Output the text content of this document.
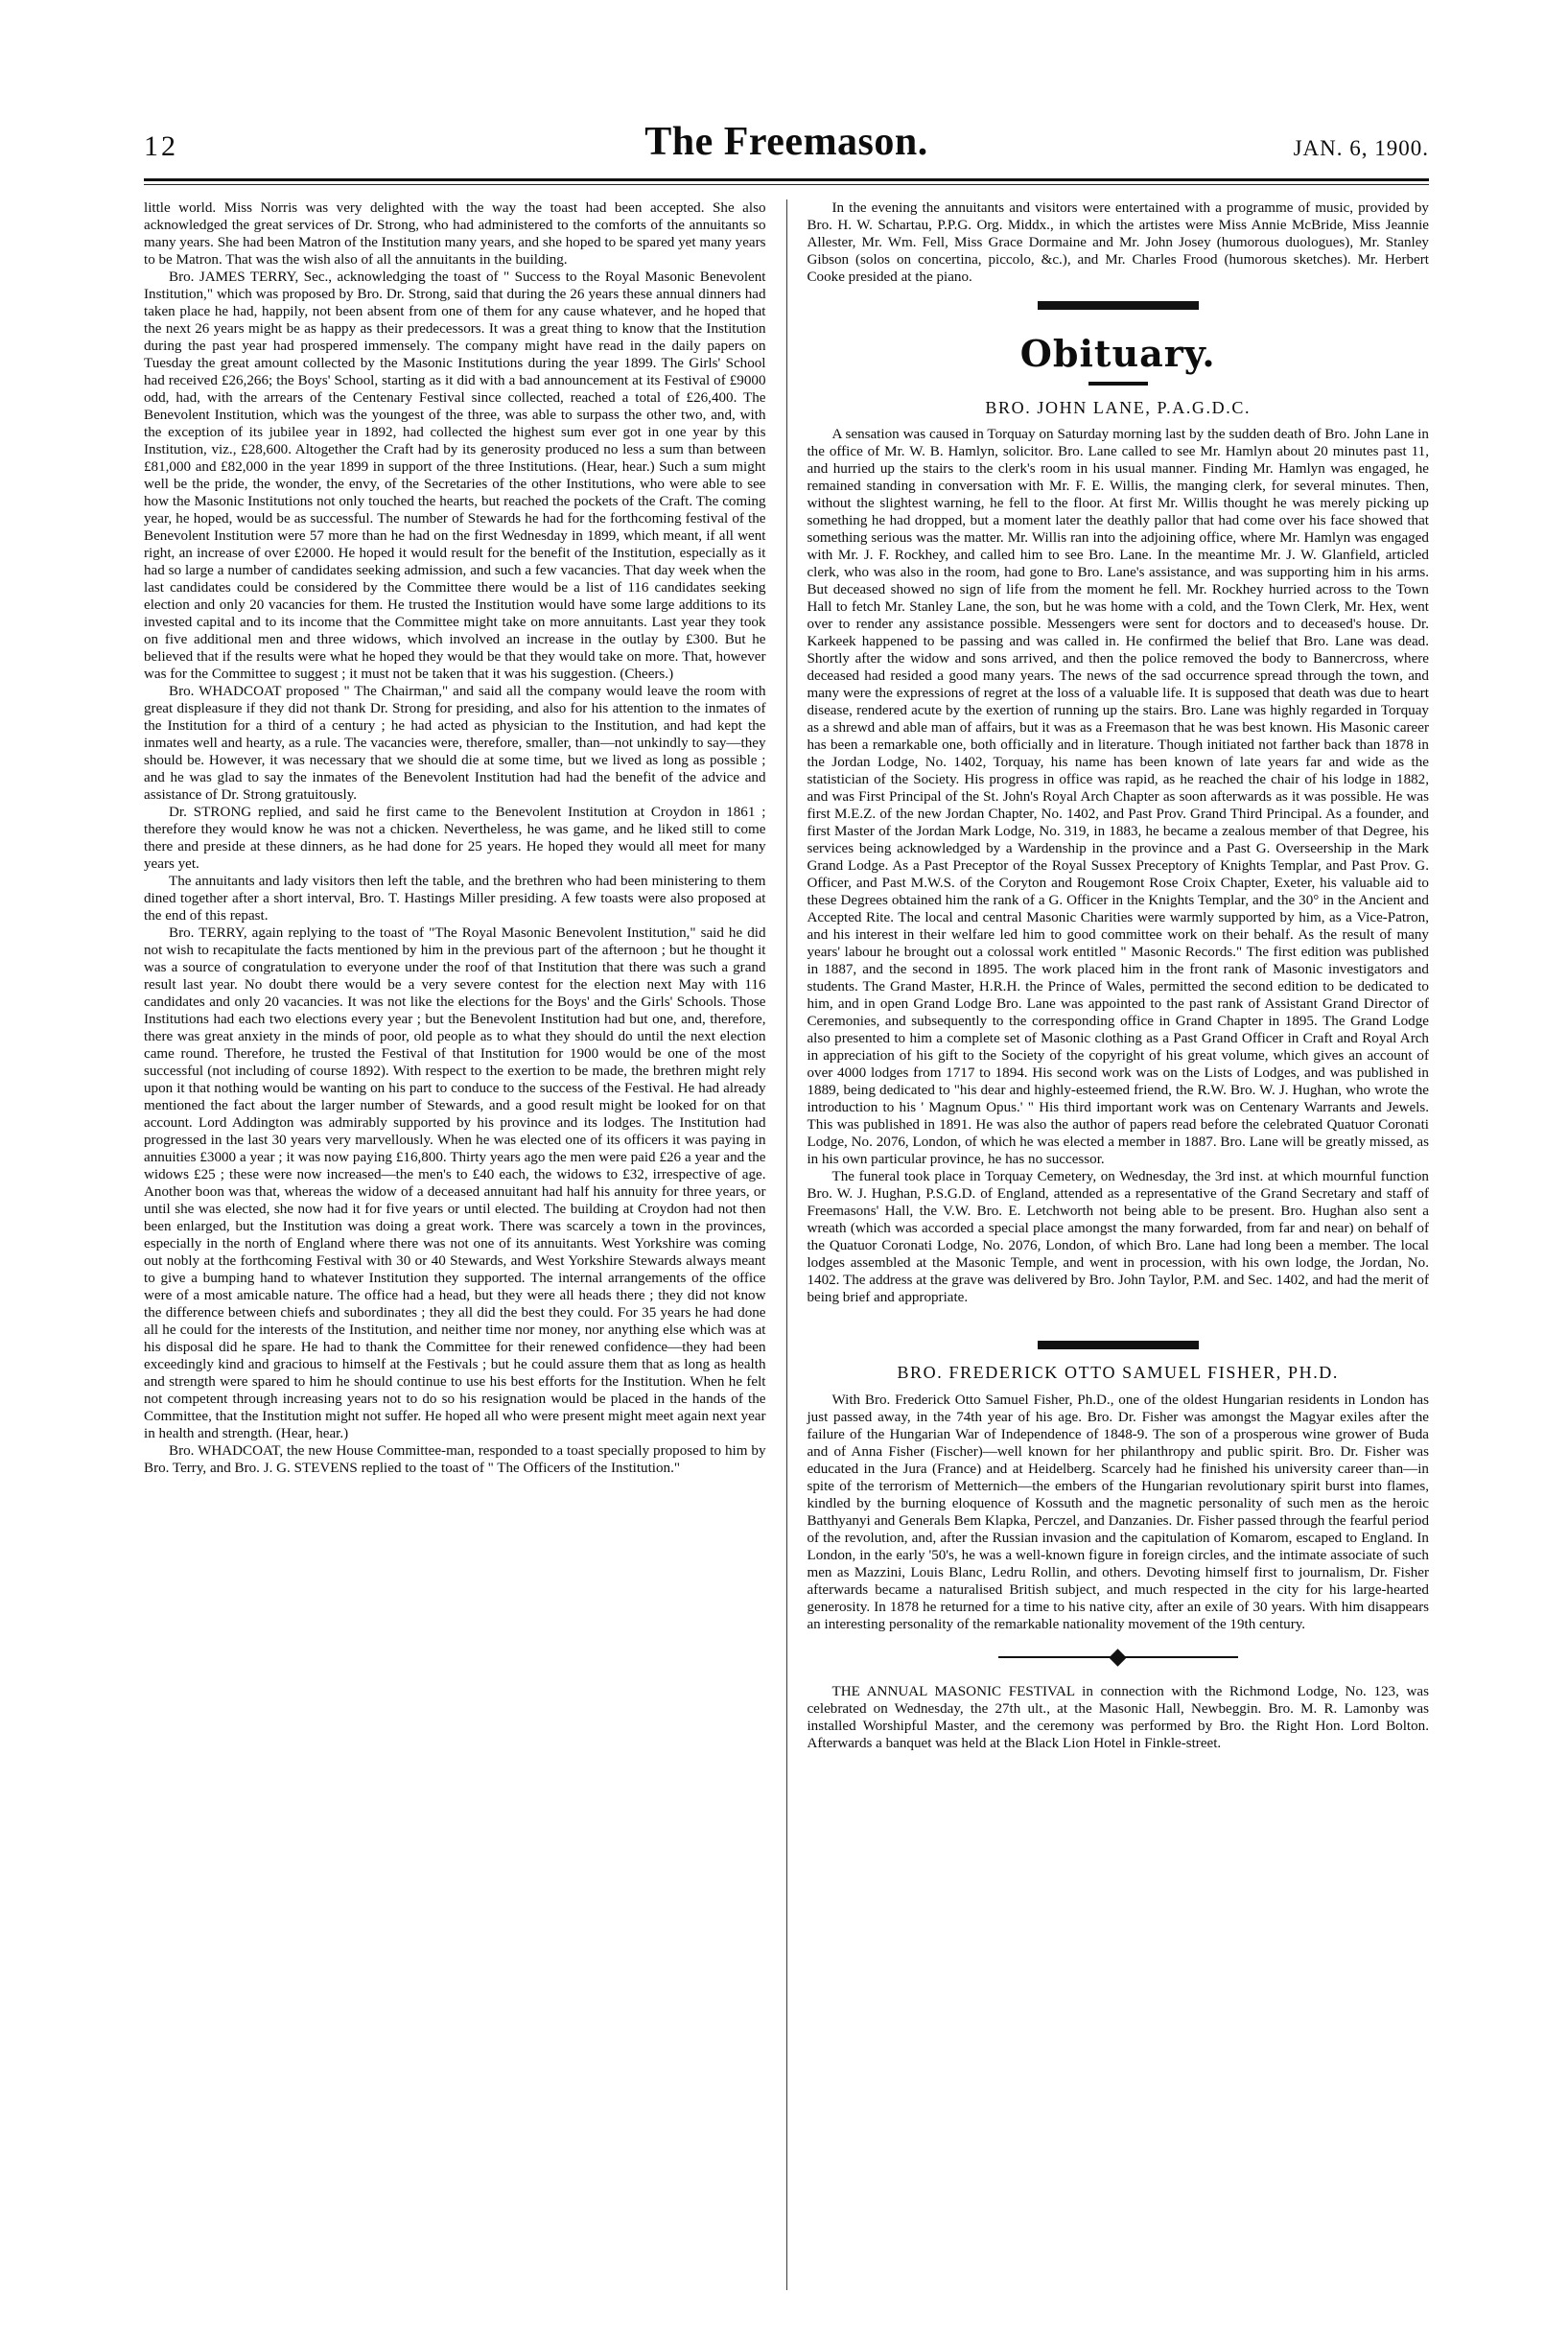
12	The Freemason.	JAN. 6, 1900.

little world. Miss Norris was very delighted with the way the toast had been accepted. She also acknowledged the great services of Dr. Strong, who had administered to the comforts of the annuitants so many years. She had been Matron of the Institution many years, and she hoped to be spared yet many years to be Matron. That was the wish also of all the annuitants in the building.

Bro. JAMES TERRY, Sec., acknowledging the toast of " Success to the Royal Masonic Benevolent Institution," which was proposed by Bro. Dr. Strong, said that during the 26 years these annual dinners had taken place he had, happily, not been absent from one of them for any cause whatever, and he hoped that the next 26 years might be as happy as their predecessors. It was a great thing to know that the Institution during the past year had prospered immensely. The company might have read in the daily papers on Tuesday the great amount collected by the Masonic Institutions during the year 1899. The Girls' School had received £26,266; the Boys' School, starting as it did with a bad announcement at its Festival of £9000 odd, had, with the arrears of the Centenary Festival since collected, reached a total of £26,400. The Benevolent Institution, which was the youngest of the three, was able to surpass the other two, and, with the exception of its jubilee year in 1892, had collected the highest sum ever got in one year by this Institution, viz., £28,600. Altogether the Craft had by its generosity produced no less a sum than between £81,000 and £82,000 in the year 1899 in support of the three Institutions. (Hear, hear.) Such a sum might well be the pride, the wonder, the envy, of the Secretaries of the other Institutions, who were able to see how the Masonic Institutions not only touched the hearts, but reached the pockets of the Craft. The coming year, he hoped, would be as successful. The number of Stewards he had for the forthcoming festival of the Benevolent Institution were 57 more than he had on the first Wednesday in 1899, which meant, if all went right, an increase of over £2000. He hoped it would result for the benefit of the Institution, especially as it had so large a number of candidates seeking admission, and such a few vacancies. That day week when the last candidates could be considered by the Committee there would be a list of 116 candidates seeking election and only 20 vacancies for them. He trusted the Institution would have some large additions to its invested capital and to its income that the Committee might take on more annuitants. Last year they took on five additional men and three widows, which involved an increase in the outlay by £300. But he believed that if the results were what he hoped they would be that they would take on more. That, however was for the Committee to suggest ; it must not be taken that it was his suggestion. (Cheers.)

Bro. WHADCOAT proposed " The Chairman," and said all the company would leave the room with great displeasure if they did not thank Dr. Strong for presiding, and also for his attention to the inmates of the Institution for a third of a century ; he had acted as physician to the Institution, and had kept the inmates well and hearty, as a rule. The vacancies were, therefore, smaller, than—not unkindly to say—they should be. However, it was necessary that we should die at some time, but we lived as long as possible ; and he was glad to say the inmates of the Benevolent Institution had had the benefit of the advice and assistance of Dr. Strong gratuitously.

Dr. STRONG replied, and said he first came to the Benevolent Institution at Croydon in 1861 ; therefore they would know he was not a chicken. Nevertheless, he was game, and he liked still to come there and preside at these dinners, as he had done for 25 years. He hoped they would all meet for many years yet.

The annuitants and lady visitors then left the table, and the brethren who had been ministering to them dined together after a short interval, Bro. T. Hastings Miller presiding. A few toasts were also proposed at the end of this repast.

Bro. TERRY, again replying to the toast of "The Royal Masonic Benevolent Institution," said he did not wish to recapitulate the facts mentioned by him in the previous part of the afternoon ; but he thought it was a source of congratulation to everyone under the roof of that Institution that there was such a grand result last year. No doubt there would be a very severe contest for the election next May with 116 candidates and only 20 vacancies. It was not like the elections for the Boys' and the Girls' Schools. Those Institutions had each two elections every year ; but the Benevolent Institution had but one, and, therefore, there was great anxiety in the minds of poor, old people as to what they should do until the next election came round. Therefore, he trusted the Festival of that Institution for 1900 would be one of the most successful (not including of course 1892). With respect to the exertion to be made, the brethren might rely upon it that nothing would be wanting on his part to conduce to the success of the Festival. He had already mentioned the fact about the larger number of Stewards, and a good result might be looked for on that account. Lord Addington was admirably supported by his province and its lodges. The Institution had progressed in the last 30 years very marvellously. When he was elected one of its officers it was paying in annuities £3000 a year ; it was now paying £16,800. Thirty years ago the men were paid £26 a year and the widows £25 ; these were now increased—the men's to £40 each, the widows to £32, irrespective of age. Another boon was that, whereas the widow of a deceased annuitant had half his annuity for three years, or until she was elected, she now had it for five years or until elected. The building at Croydon had not then been enlarged, but the Institution was doing a great work. There was scarcely a town in the provinces, especially in the north of England where there was not one of its annuitants. West Yorkshire was coming out nobly at the forthcoming Festival with 30 or 40 Stewards, and West Yorkshire Stewards always meant to give a bumping hand to whatever Institution they supported. The internal arrangements of the office were of a most amicable nature. The office had a head, but they were all heads there ; they did not know the difference between chiefs and subordinates ; they all did the best they could. For 35 years he had done all he could for the interests of the Institution, and neither time nor money, nor anything else which was at his disposal did he spare. He had to thank the Committee for their renewed confidence—they had been exceedingly kind and gracious to himself at the Festivals ; but he could assure them that as long as health and strength were spared to him he should continue to use his best efforts for the Institution. When he felt not competent through increasing years not to do so his resignation would be placed in the hands of the Committee, that the Institution might not suffer. He hoped all who were present might meet again next year in health and strength. (Hear, hear.)

Bro. WHADCOAT, the new House Committee-man, responded to a toast specially proposed to him by Bro. Terry, and Bro. J. G. STEVENS replied to the toast of " The Officers of the Institution."

In the evening the annuitants and visitors were entertained with a programme of music, provided by Bro. H. W. Schartau, P.P.G. Org. Middx., in which the artistes were Miss Annie McBride, Miss Jeannie Allester, Mr. Wm. Fell, Miss Grace Dormaine and Mr. John Josey (humorous duologues), Mr. Stanley Gibson (solos on concertina, piccolo, &c.), and Mr. Charles Frood (humorous sketches). Mr. Herbert Cooke presided at the piano.

Obituary.
BRO. JOHN LANE, P.A.G.D.C.

A sensation was caused in Torquay on Saturday morning last by the sudden death of Bro. John Lane in the office of Mr. W. B. Hamlyn, solicitor. Bro. Lane called to see Mr. Hamlyn about 20 minutes past 11, and hurried up the stairs to the clerk's room in his usual manner. Finding Mr. Hamlyn was engaged, he remained standing in conversation with Mr. F. E. Willis, the manging clerk, for several minutes. Then, without the slightest warning, he fell to the floor. At first Mr. Willis thought he was merely picking up something he had dropped, but a moment later the deathly pallor that had come over his face showed that something serious was the matter. Mr. Willis ran into the adjoining office, where Mr. Hamlyn was engaged with Mr. J. F. Rockhey, and called him to see Bro. Lane. In the meantime Mr. J. W. Glanfield, articled clerk, who was also in the room, had gone to Bro. Lane's assistance, and was supporting him in his arms. But deceased showed no sign of life from the moment he fell. Mr. Rockhey hurried across to the Town Hall to fetch Mr. Stanley Lane, the son, but he was home with a cold, and the Town Clerk, Mr. Hex, went over to render any assistance possible. Messengers were sent for doctors and to deceased's house. Dr. Karkeek happened to be passing and was called in. He confirmed the belief that Bro. Lane was dead. Shortly after the widow and sons arrived, and then the police removed the body to Bannercross, where deceased had resided a good many years. The news of the sad occurrence spread through the town, and many were the expressions of regret at the loss of a valuable life. It is supposed that death was due to heart disease, rendered acute by the exertion of running up the stairs. Bro. Lane was highly regarded in Torquay as a shrewd and able man of affairs, but it was as a Freemason that he was best known. His Masonic career has been a remarkable one, both officially and in literature. Though initiated not farther back than 1878 in the Jordan Lodge, No. 1402, Torquay, his name has been known of late years far and wide as the statistician of the Society. His progress in office was rapid, as he reached the chair of his lodge in 1882, and was First Principal of the St. John's Royal Arch Chapter as soon afterwards as it was possible. He was first M.E.Z. of the new Jordan Chapter, No. 1402, and Past Prov. Grand Third Principal. As a founder, and first Master of the Jordan Mark Lodge, No. 319, in 1883, he became a zealous member of that Degree, his services being acknowledged by a Wardenship in the province and a Past G. Overseership in the Mark Grand Lodge. As a Past Preceptor of the Royal Sussex Preceptory of Knights Templar, and Past Prov. G. Officer, and Past M.W.S. of the Coryton and Rougemont Rose Croix Chapter, Exeter, his valuable aid to these Degrees obtained him the rank of a G. Officer in the Knights Templar, and the 30° in the Ancient and Accepted Rite. The local and central Masonic Charities were warmly supported by him, as a Vice-Patron, and his interest in their welfare led him to good committee work on their behalf. As the result of many years' labour he brought out a colossal work entitled " Masonic Records." The first edition was published in 1887, and the second in 1895. The work placed him in the front rank of Masonic investigators and students. The Grand Master, H.R.H. the Prince of Wales, permitted the second edition to be dedicated to him, and in open Grand Lodge Bro. Lane was appointed to the past rank of Assistant Grand Director of Ceremonies, and subsequently to the corresponding office in Grand Chapter in 1895. The Grand Lodge also presented to him a complete set of Masonic clothing as a Past Grand Officer in Craft and Royal Arch in appreciation of his gift to the Society of the copyright of his great volume, which gives an account of over 4000 lodges from 1717 to 1894. His second work was on the Lists of Lodges, and was published in 1889, being dedicated to "his dear and highly-esteemed friend, the R.W. Bro. W. J. Hughan, who wrote the introduction to his ' Magnum Opus.' " His third important work was on Centenary Warrants and Jewels. This was published in 1891. He was also the author of papers read before the celebrated Quatuor Coronati Lodge, No. 2076, London, of which he was elected a member in 1887. Bro. Lane will be greatly missed, as in his own particular province, he has no successor.

The funeral took place in Torquay Cemetery, on Wednesday, the 3rd inst. at which mournful function Bro. W. J. Hughan, P.S.G.D. of England, attended as a representative of the Grand Secretary and staff of Freemasons' Hall, the V.W. Bro. E. Letchworth not being able to be present. Bro. Hughan also sent a wreath (which was accorded a special place amongst the many forwarded, from far and near) on behalf of the Quatuor Coronati Lodge, No. 2076, London, of which Bro. Lane had long been a member. The local lodges assembled at the Masonic Temple, and went in procession, with his own lodge, the Jordan, No. 1402. The address at the grave was delivered by Bro. John Taylor, P.M. and Sec. 1402, and had the merit of being brief and appropriate.

BRO. FREDERICK OTTO SAMUEL FISHER, PH.D.

With Bro. Frederick Otto Samuel Fisher, Ph.D., one of the oldest Hungarian residents in London has just passed away, in the 74th year of his age. Bro. Dr. Fisher was amongst the Magyar exiles after the failure of the Hungarian War of Independence of 1848-9. The son of a prosperous wine grower of Buda and of Anna Fisher (Fischer)—well known for her philanthropy and public spirit. Bro. Dr. Fisher was educated in the Jura (France) and at Heidelberg. Scarcely had he finished his university career than—in spite of the terrorism of Metternich—the embers of the Hungarian revolutionary spirit burst into flames, kindled by the burning eloquence of Kossuth and the magnetic personality of such men as the heroic Batthyanyi and Generals Bem Klapka, Perczel, and Danzanies. Dr. Fisher passed through the fearful period of the revolution, and, after the Russian invasion and the capitulation of Komarom, escaped to England. In London, in the early '50's, he was a well-known figure in foreign circles, and the intimate associate of such men as Mazzini, Louis Blanc, Ledru Rollin, and others. Devoting himself first to journalism, Dr. Fisher afterwards became a naturalised British subject, and much respected in the city for his large-hearted generosity. In 1878 he returned for a time to his native city, after an exile of 30 years. With him disappears an interesting personality of the remarkable nationality movement of the 19th century.

THE ANNUAL MASONIC FESTIVAL in connection with the Richmond Lodge, No. 123, was celebrated on Wednesday, the 27th ult., at the Masonic Hall, Newbeggin. Bro. M. R. Lamonby was installed Worshipful Master, and the ceremony was performed by Bro. the Right Hon. Lord Bolton. Afterwards a banquet was held at the Black Lion Hotel in Finkle-street.
